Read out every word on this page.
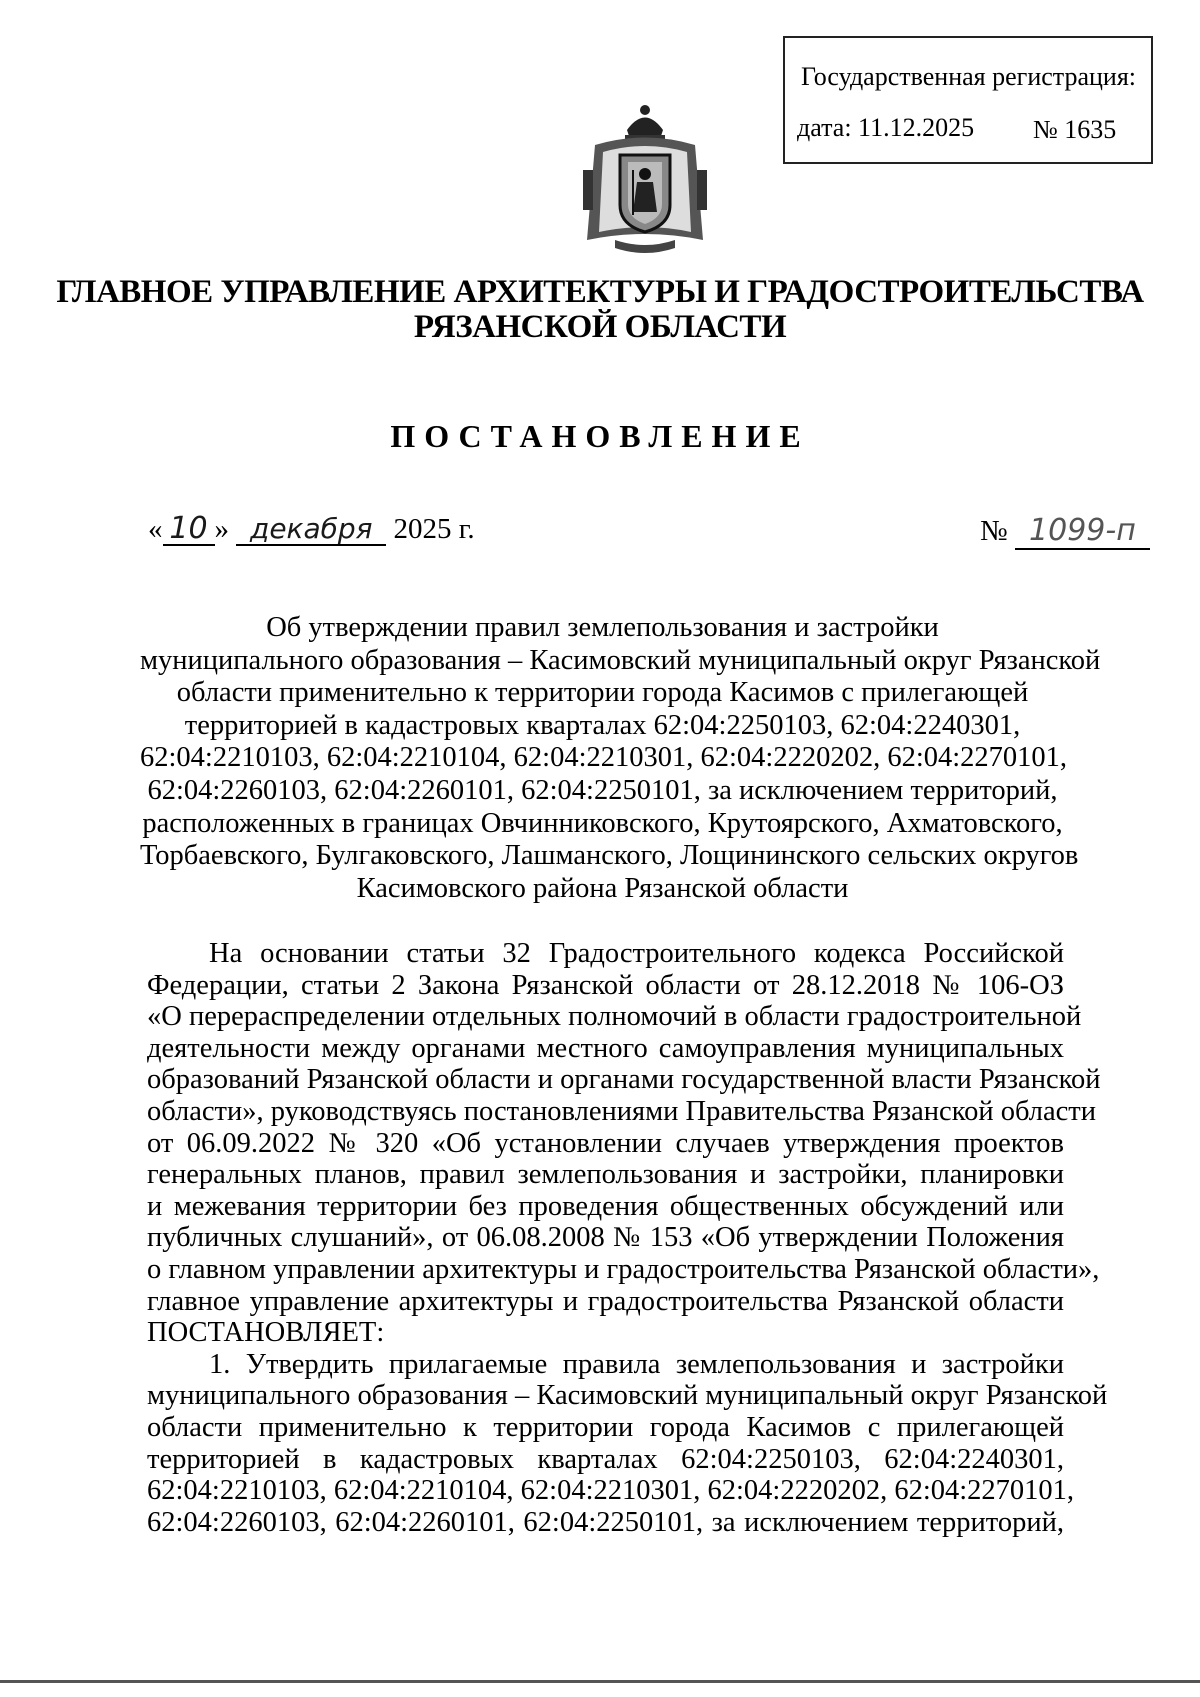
Государственная регистрация:
дата: 11.12.2025 № 1635
ГЛАВНОЕ УПРАВЛЕНИЕ АРХИТЕКТУРЫ И ГРАДОСТРОИТЕЛЬСТВА
РЯЗАНСКОЙ ОБЛАСТИ
ПОСТАНОВЛЕНИЕ
« 10 » декабря 2025 г.	№ 1099-п
Об утверждении правил землепользования и застройки
муниципального образования – Касимовский муниципальный округ Рязанской
области применительно к территории города Касимов с прилегающей
территорией в кадастровых кварталах 62:04:2250103, 62:04:2240301,
62:04:2210103, 62:04:2210104, 62:04:2210301, 62:04:2220202, 62:04:2270101,
62:04:2260103, 62:04:2260101, 62:04:2250101, за исключением территорий,
расположенных в границах Овчинниковского, Крутоярского, Ахматовского,
Торбаевского, Булгаковского, Лашманского, Лощининского сельских округов
Касимовского района Рязанской области
На основании статьи 32 Градостроительного кодекса Российской
Федерации, статьи 2 Закона Рязанской области от 28.12.2018 № 106-ОЗ
«О перераспределении отдельных полномочий в области градостроительной
деятельности между органами местного самоуправления муниципальных
образований Рязанской области и органами государственной власти Рязанской
области», руководствуясь постановлениями Правительства Рязанской области
от 06.09.2022 № 320 «Об установлении случаев утверждения проектов
генеральных планов, правил землепользования и застройки, планировки
и межевания территории без проведения общественных обсуждений или
публичных слушаний», от 06.08.2008 № 153 «Об утверждении Положения
о главном управлении архитектуры и градостроительства Рязанской области»,
главное управление архитектуры и градостроительства Рязанской области
ПОСТАНОВЛЯЕТ:
1. Утвердить прилагаемые правила землепользования и застройки
муниципального образования – Касимовский муниципальный округ Рязанской
области применительно к территории города Касимов с прилегающей
территорией в кадастровых кварталах 62:04:2250103, 62:04:2240301,
62:04:2210103, 62:04:2210104, 62:04:2210301, 62:04:2220202, 62:04:2270101,
62:04:2260103, 62:04:2260101, 62:04:2250101, за исключением территорий,
